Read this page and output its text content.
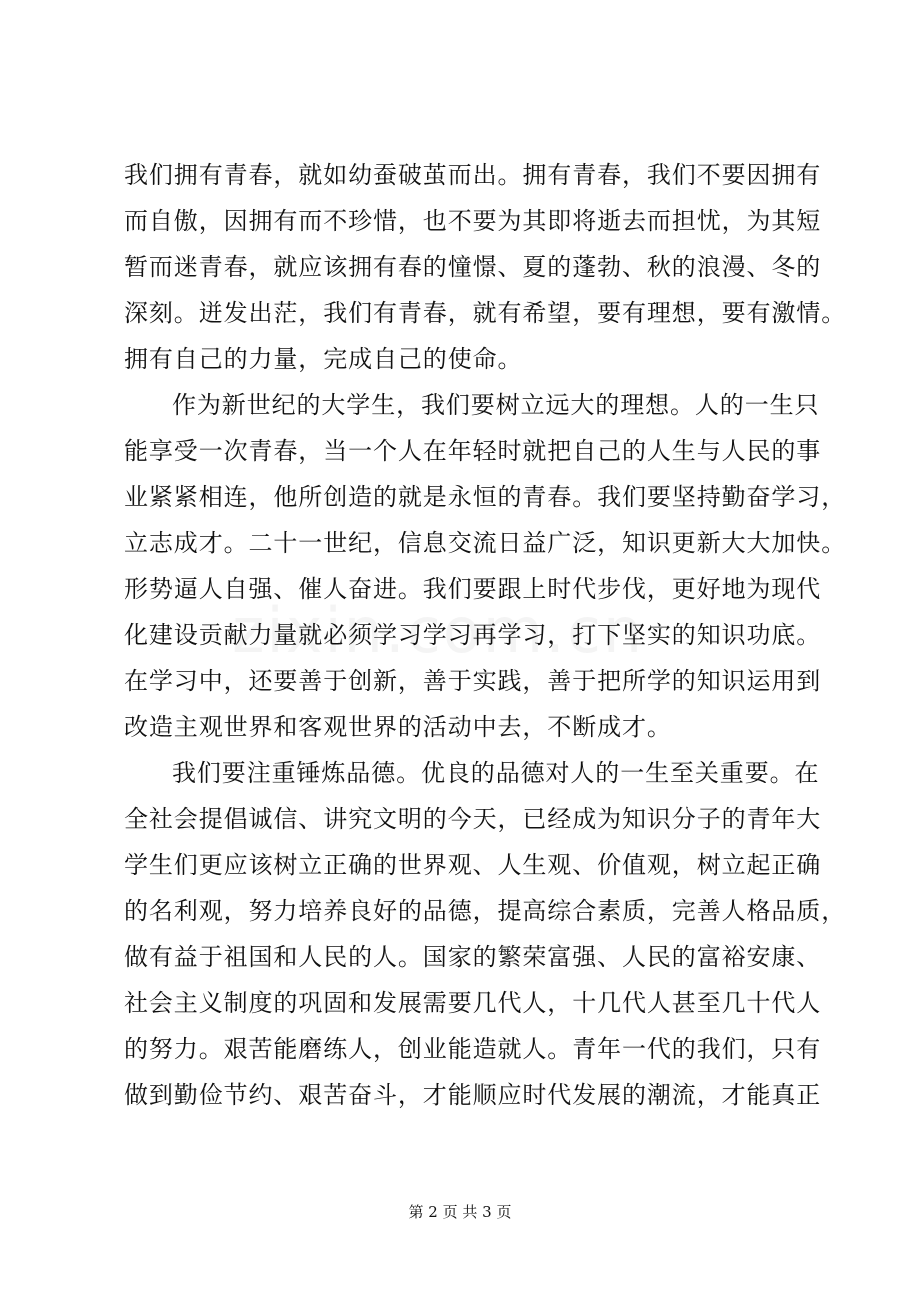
我们拥有青春，就如幼蚕破茧而出。拥有青春，我们不要因拥有
而自傲，因拥有而不珍惜，也不要为其即将逝去而担忧，为其短
暂而迷青春，就应该拥有春的憧憬、夏的蓬勃、秋的浪漫、冬的
深刻。迸发出茫，我们有青春，就有希望，要有理想，要有激情。
拥有自己的力量，完成自己的使命。
作为新世纪的大学生，我们要树立远大的理想。人的一生只
能享受一次青春，当一个人在年轻时就把自己的人生与人民的事
业紧紧相连，他所创造的就是永恒的青春。我们要坚持勤奋学习，
立志成才。二十一世纪，信息交流日益广泛，知识更新大大加快。
形势逼人自强、催人奋进。我们要跟上时代步伐，更好地为现代
化建设贡献力量就必须学习学习再学习，打下坚实的知识功底。
在学习中，还要善于创新，善于实践，善于把所学的知识运用到
改造主观世界和客观世界的活动中去，不断成才。
我们要注重锤炼品德。优良的品德对人的一生至关重要。在
全社会提倡诚信、讲究文明的今天，已经成为知识分子的青年大
学生们更应该树立正确的世界观、人生观、价值观，树立起正确
的名利观，努力培养良好的品德，提高综合素质，完善人格品质，
做有益于祖国和人民的人。国家的繁荣富强、人民的富裕安康、
社会主义制度的巩固和发展需要几代人，十几代人甚至几十代人
的努力。艰苦能磨练人，创业能造就人。青年一代的我们，只有
做到勤俭节约、艰苦奋斗，才能顺应时代发展的潮流，才能真正
第 2 页 共 3 页
